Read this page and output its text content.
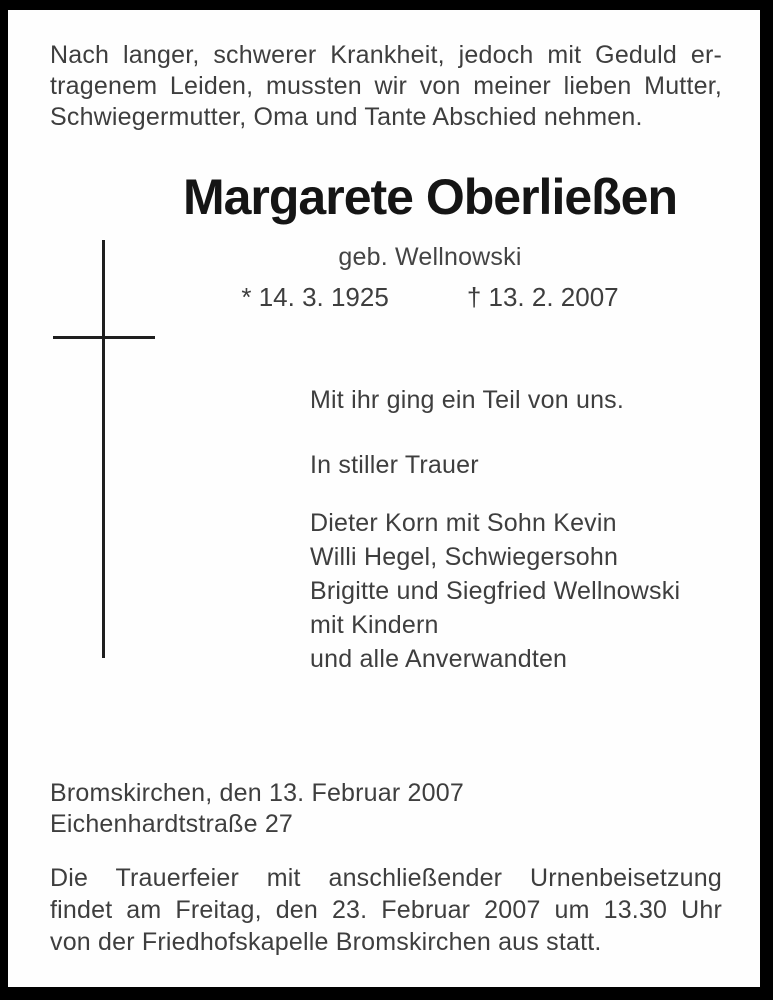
Nach langer, schwerer Krankheit, jedoch mit Geduld er-
tragenem Leiden, mussten wir von meiner lieben Mutter,
Schwiegermutter, Oma und Tante Abschied nehmen.
Margarete Oberließen
geb. Wellnowski
* 14. 3. 1925	† 13. 2. 2007
Mit ihr ging ein Teil von uns.
In stiller Trauer
Dieter Korn mit Sohn Kevin
Willi Hegel, Schwiegersohn
Brigitte und Siegfried Wellnowski
mit Kindern
und alle Anverwandten
Bromskirchen, den 13. Februar 2007
Eichenhardtstraße 27
Die Trauerfeier mit anschließender Urnenbeisetzung
findet am Freitag, den 23. Februar 2007 um 13.30 Uhr
von der Friedhofskapelle Bromskirchen aus statt.
